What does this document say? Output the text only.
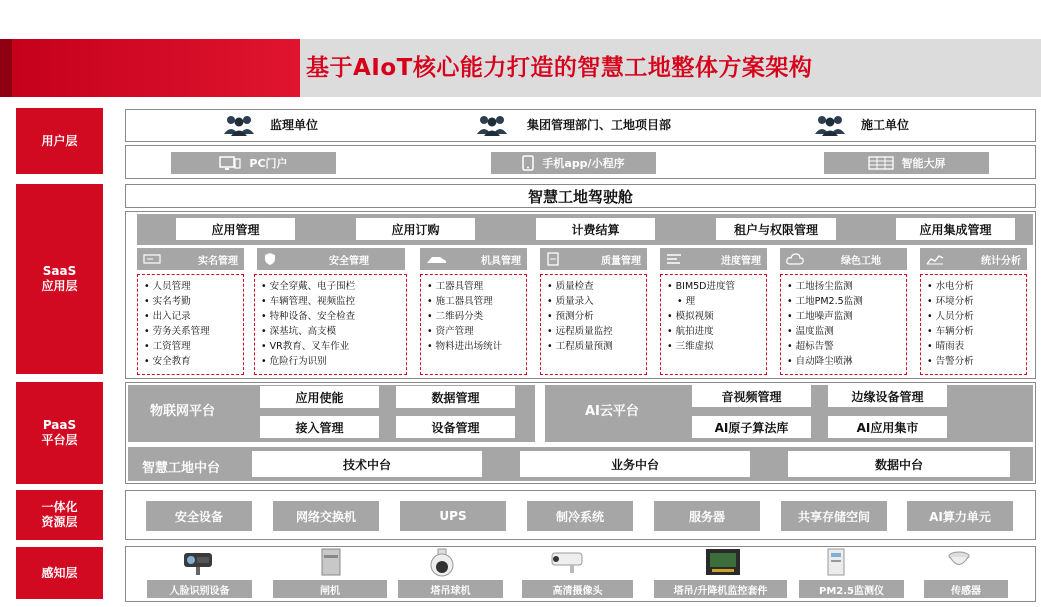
基于AIoT核心能力打造的智慧工地整体方案架构
用户层
SaaS
应用层
PaaS
平台层
一体化
资源层
感知层
监理单位	集团管理部门、工地项目部	施工单位
PC门户	手机app/小程序	智能大屏
智慧工地驾驶舱
应用管理	应用订购	计费结算	租户与权限管理	应用集成管理
实名管理	安全管理	机具管理	质量管理	进度管理	绿色工地	统计分析
• 人员管理
• 实名考勤
• 出入记录
• 劳务关系管理
• 工资管理
• 安全教育
• 安全穿戴、电子围栏
• 车辆管理、视频监控
• 特种设备、安全检查
• 深基坑、高支模
• VR教育、叉车作业
• 危险行为识别
• 工器具管理
• 施工器具管理
• 二维码分类
• 资产管理
• 物料进出场统计
• 质量检查
• 质量录入
• 预测分析
• 远程质量监控
• 工程质量预测
• BIM5D进度管
• 理
• 模拟视频
• 航拍进度
• 三维虚拟
• 工地扬尘监测
• 工地PM2.5监测
• 工地噪声监测
• 温度监测
• 超标告警
• 自动降尘喷淋
• 水电分析
• 环境分析
• 人员分析
• 车辆分析
• 晴雨表
• 告警分析
物联网平台
应用使能	数据管理
接入管理	设备管理
AI云平台
音视频管理	边缘设备管理
AI原子算法库	AI应用集市
智慧工地中台	技术中台	业务中台	数据中台
安全设备	网络交换机	UPS	制冷系统	服务器	共享存储空间	AI算力单元
人脸识别设备	闸机	塔吊球机	高清摄像头	塔吊/升降机监控套件	PM2.5监测仪	传感器
